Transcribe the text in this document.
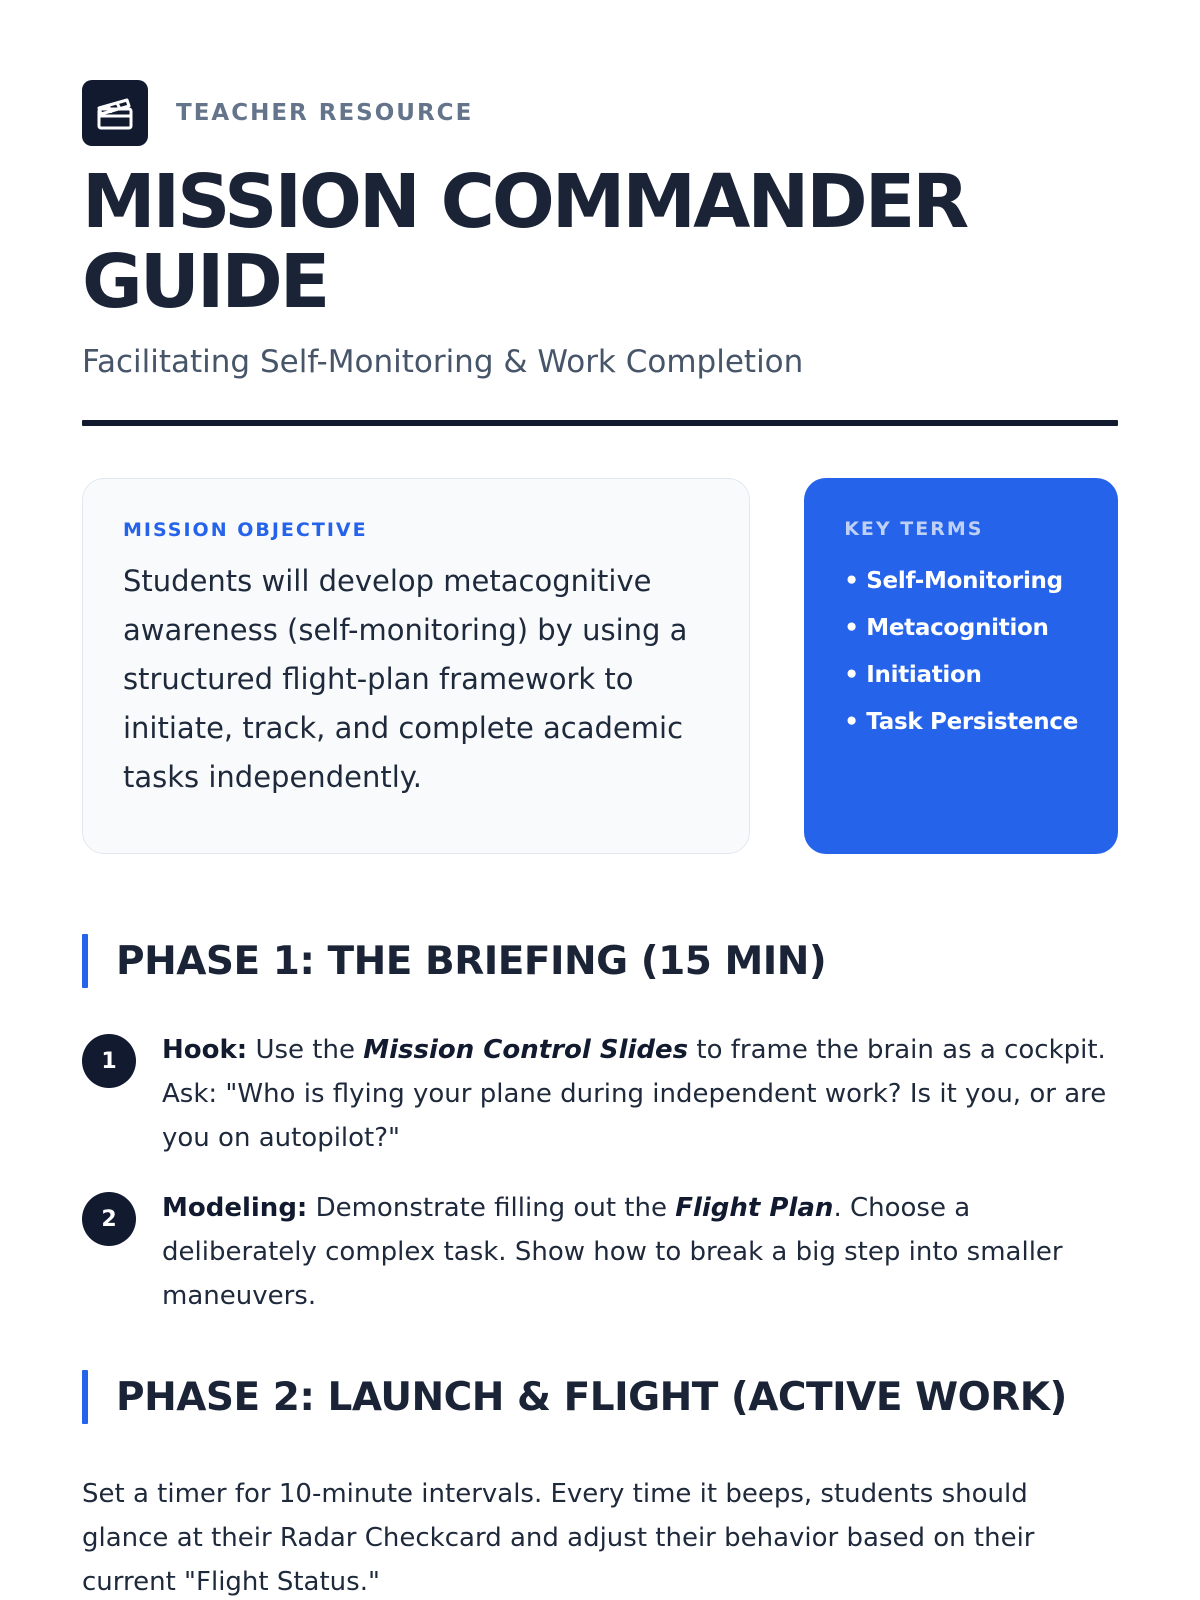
TEACHER RESOURCE
MISSION COMMANDER
GUIDE
Facilitating Self-Monitoring & Work Completion
MISSION OBJECTIVE

Students will develop metacognitive awareness (self-monitoring) by using a structured flight-plan framework to initiate, track, and complete academic tasks independently.

KEY TERMS
• Self-Monitoring
• Metacognition
• Initiation
• Task Persistence
PHASE 1: THE BRIEFING (15 MIN)
1	Hook: Use the Mission Control Slides to frame the brain as a cockpit. Ask: "Who is flying your plane during independent work? Is it you, or are you on autopilot?"

2	Modeling: Demonstrate filling out the Flight Plan. Choose a deliberately complex task. Show how to break a big step into smaller maneuvers.

PHASE 2: LAUNCH & FLIGHT (ACTIVE WORK)

Set a timer for 10-minute intervals. Every time it beeps, students should glance at their Radar Checkcard and adjust their behavior based on their current "Flight Status."
